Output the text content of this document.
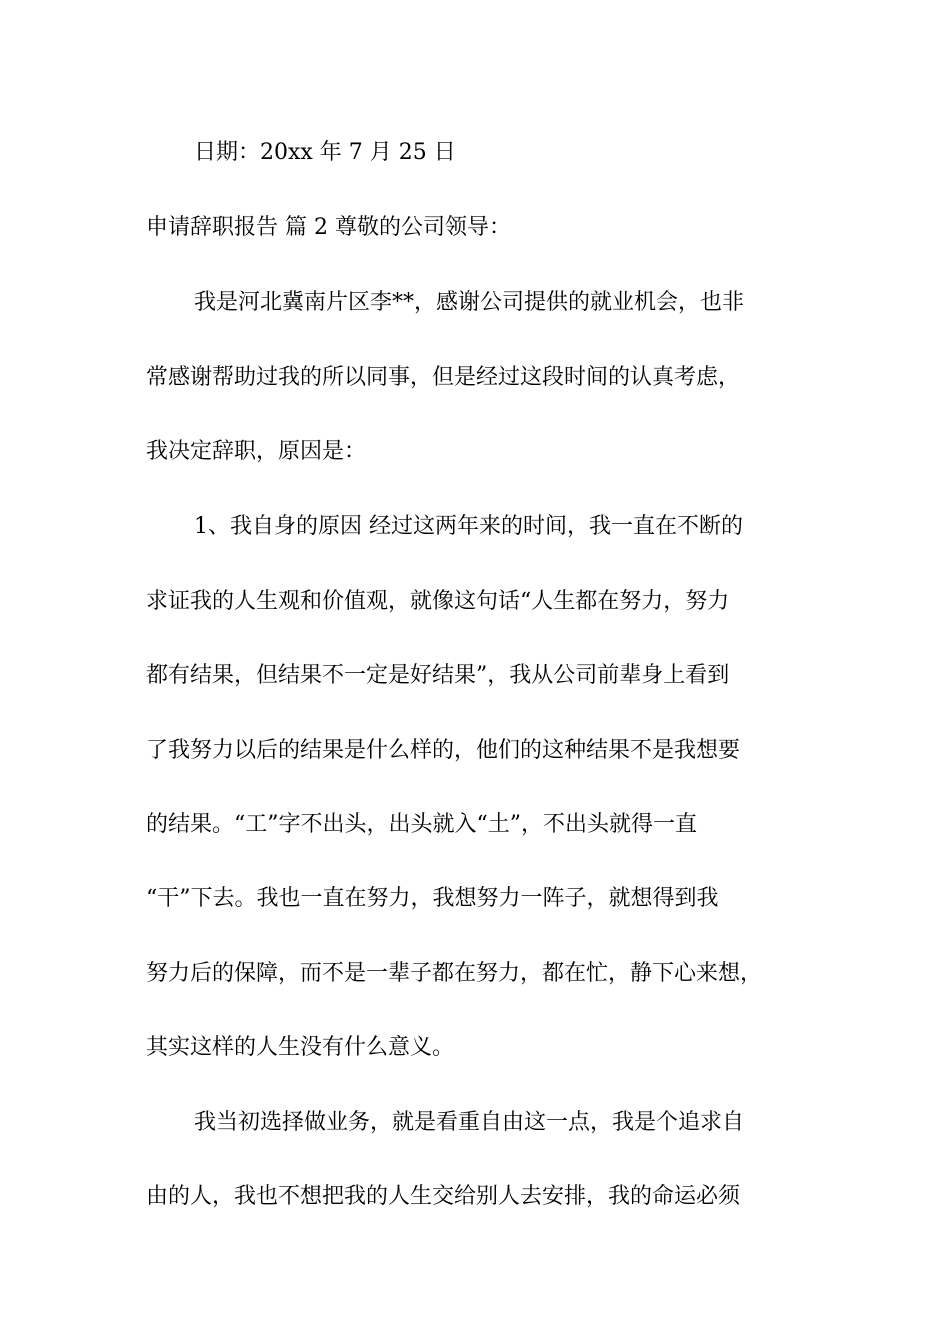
日期：20xx 年 7 月 25 日
申请辞职报告 篇 2 尊敬的公司领导：
我是河北冀南片区李**，感谢公司提供的就业机会，也非
常感谢帮助过我的所以同事，但是经过这段时间的认真考虑，
我决定辞职，原因是：
1、我自身的原因 经过这两年来的时间，我一直在不断的
求证我的人生观和价值观，就像这句话“人生都在努力，努力
都有结果，但结果不一定是好结果”，我从公司前辈身上看到
了我努力以后的结果是什么样的，他们的这种结果不是我想要
的结果。“工”字不出头，出头就入“土”，不出头就得一直
“干”下去。我也一直在努力，我想努力一阵子，就想得到我
努力后的保障，而不是一辈子都在努力，都在忙，静下心来想，
其实这样的人生没有什么意义。
我当初选择做业务，就是看重自由这一点，我是个追求自
由的人，我也不想把我的人生交给别人去安排，我的命运必须
